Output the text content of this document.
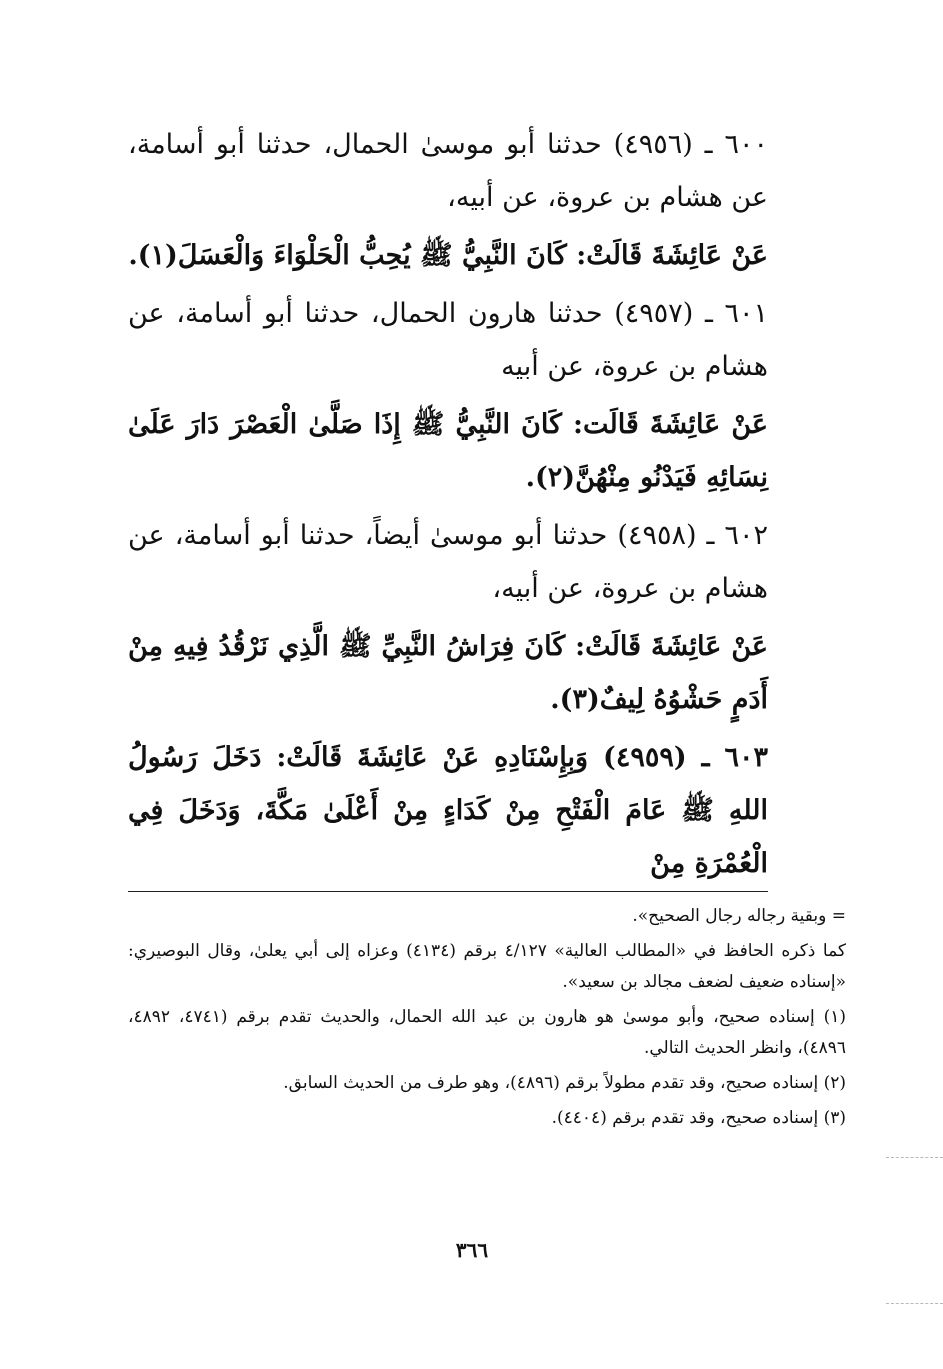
٦٠٠ ـ (٤٩٥٦) حدثنا أبو موسىٰ الحمال، حدثنا أبو أسامة، عن هشام بن عروة، عن أبيه،

عَنْ عَائِشَةَ قَالَتْ: كَانَ النَّبِيُّ ﷺ يُحِبُّ الْحَلْوَاءَ وَالْعَسَلَ(١).

٦٠١ ـ (٤٩٥٧) حدثنا هارون الحمال، حدثنا أبو أسامة، عن هشام بن عروة، عن أبيه

عَنْ عَائِشَةَ قَالَت: كَانَ النَّبِيُّ ﷺ إِذَا صَلَّىٰ الْعَصْرَ دَارَ عَلَىٰ نِسَائِهِ فَيَدْنُو مِنْهُنَّ(٢).

٦٠٢ ـ (٤٩٥٨) حدثنا أبو موسىٰ أيضاً، حدثنا أبو أسامة، عن هشام بن عروة، عن أبيه،

عَنْ عَائِشَةَ قَالَتْ: كَانَ فِرَاشُ النَّبِيِّ ﷺ الَّذِي نَرْقُدُ فِيهِ مِنْ أَدَمٍ حَشْوُهُ لِيفٌ(٣).

٦٠٣ ـ (٤٩٥٩) وَبِإِسْنَادِهِ عَنْ عَائِشَةَ قَالَتْ: دَخَلَ رَسُولُ اللهِ ﷺ عَامَ الْفَتْحِ مِنْ كَدَاءٍ مِنْ أَعْلَىٰ مَكَّةَ، وَدَخَلَ فِي الْعُمْرَةِ مِنْ

= وبقية رجاله رجال الصحيح».

كما ذكره الحافظ في «المطالب العالية» ٤/١٢٧ برقم (٤١٣٤) وعزاه إلى أبي يعلىٰ، وقال البوصيري: «إسناده ضعيف لضعف مجالد بن سعيد».

(١) إسناده صحيح، وأبو موسىٰ هو هارون بن عبد الله الحمال، والحديث تقدم برقم (٤٧٤١، ٤٨٩٢، ٤٨٩٦)، وانظر الحديث التالي.

(٢) إسناده صحيح، وقد تقدم مطولاً برقم (٤٨٩٦)، وهو طرف من الحديث السابق.

(٣) إسناده صحيح، وقد تقدم برقم (٤٤٠٤).

٣٦٦
